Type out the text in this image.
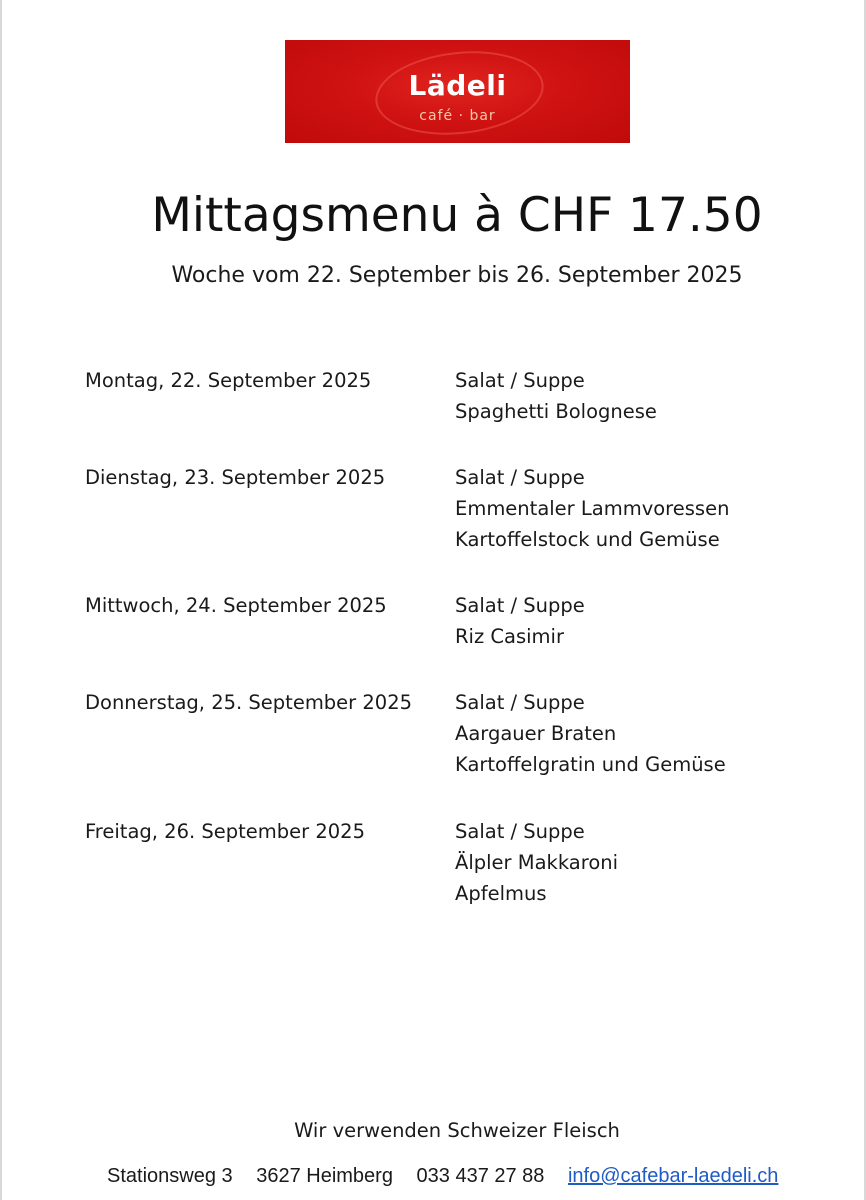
Lädeli
café · bar
Mittagsmenu à CHF 17.50
Woche vom 22. September bis 26. September 2025
Montag, 22. September 2025	Salat / Suppe
Spaghetti Bolognese
Dienstag, 23. September 2025	Salat / Suppe
Emmentaler Lammvoressen
Kartoffelstock und Gemüse
Mittwoch, 24. September 2025	Salat / Suppe
Riz Casimir
Donnerstag, 25. September 2025 Salat / Suppe
Aargauer Braten
Kartoffelgratin und Gemüse
Freitag, 26. September 2025	Salat / Suppe
Älpler Makkaroni
Apfelmus
Wir verwenden Schweizer Fleisch
Stationsweg 3 3627 Heimberg 033 437 27 88 info@cafebar-laedeli.ch
